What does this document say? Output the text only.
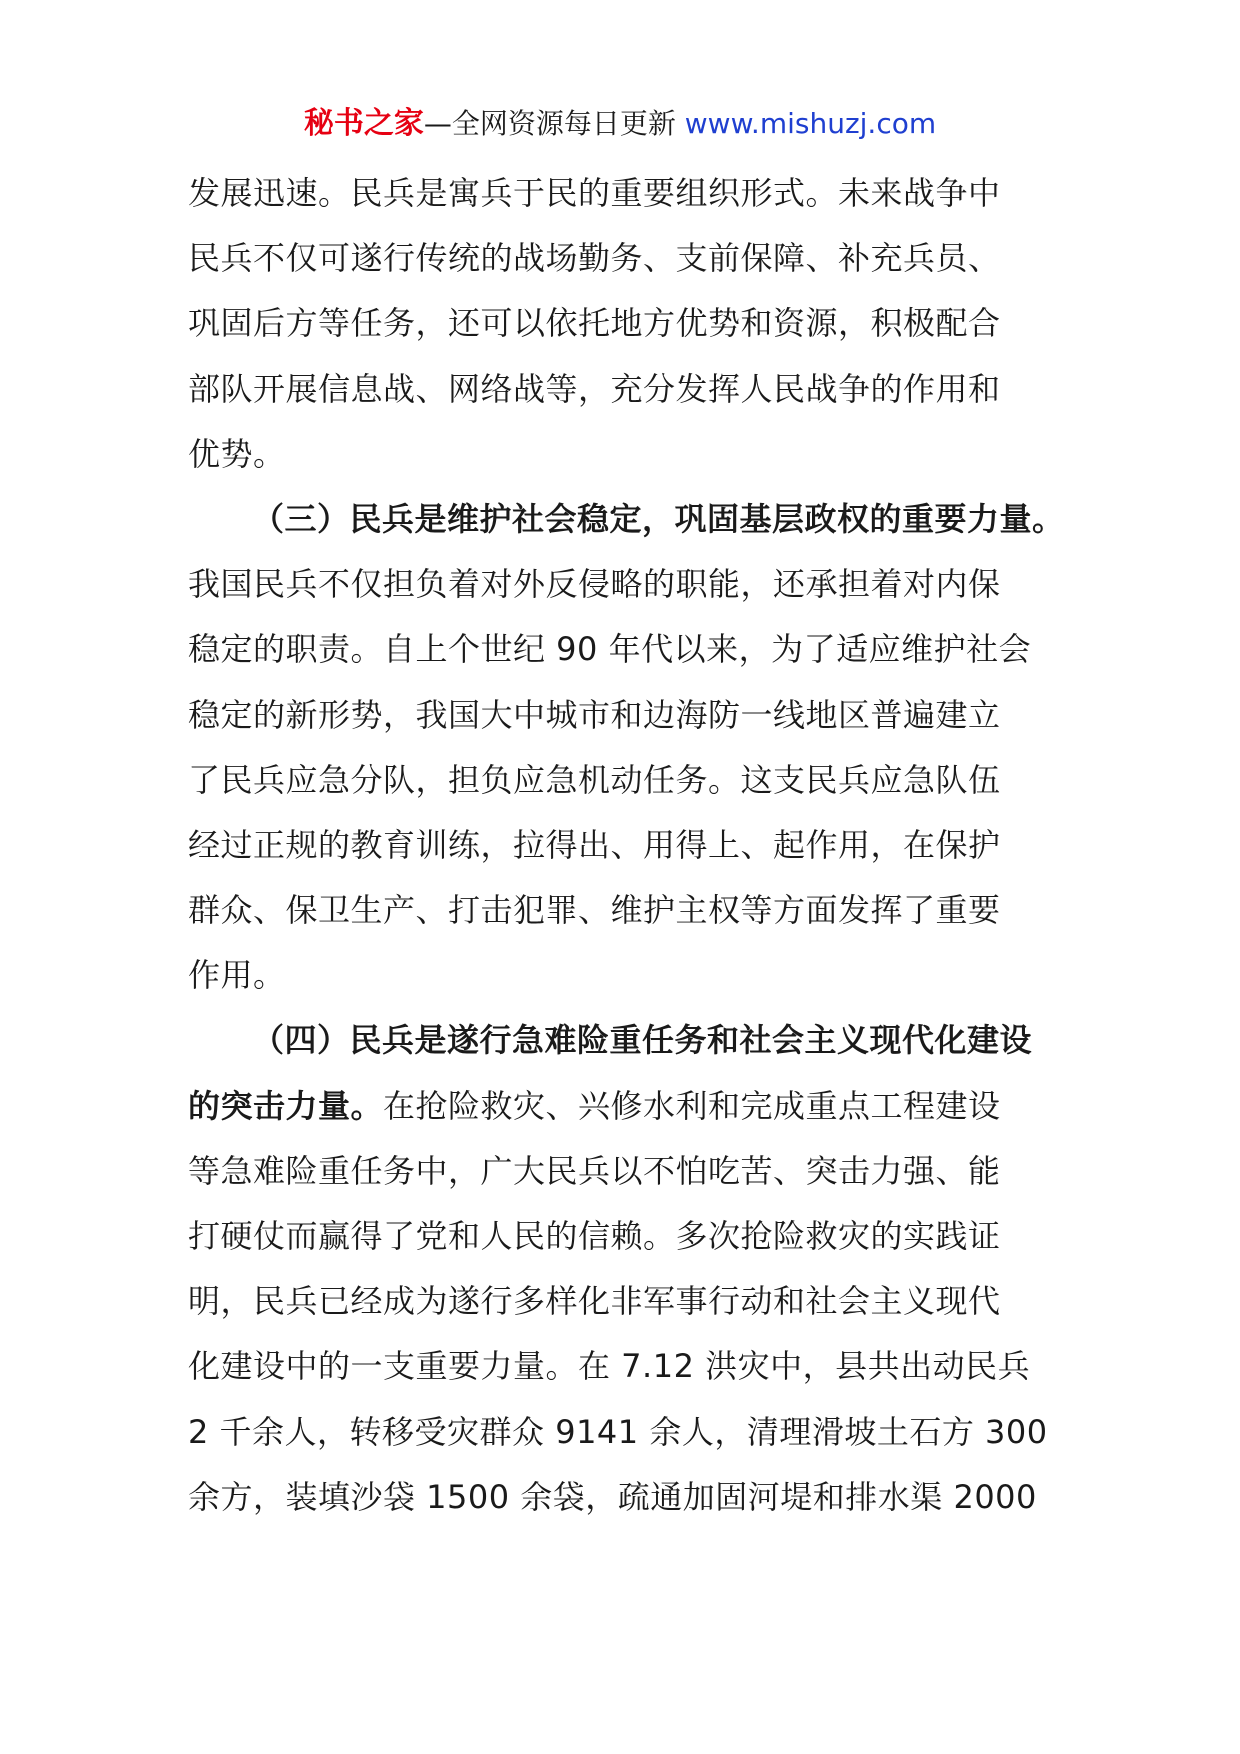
秘书之家—全网资源每日更新 www.mishuzj.com
发展迅速。民兵是寓兵于民的重要组织形式。未来战争中
民兵不仅可遂行传统的战场勤务、支前保障、补充兵员、
巩固后方等任务，还可以依托地方优势和资源，积极配合
部队开展信息战、网络战等，充分发挥人民战争的作用和
优势。
（三）民兵是维护社会稳定，巩固基层政权的重要力量。
我国民兵不仅担负着对外反侵略的职能，还承担着对内保
稳定的职责。自上个世纪 90 年代以来，为了适应维护社会
稳定的新形势，我国大中城市和边海防一线地区普遍建立
了民兵应急分队，担负应急机动任务。这支民兵应急队伍
经过正规的教育训练，拉得出、用得上、起作用，在保护
群众、保卫生产、打击犯罪、维护主权等方面发挥了重要
作用。
（四）民兵是遂行急难险重任务和社会主义现代化建设
的突击力量。在抢险救灾、兴修水利和完成重点工程建设
等急难险重任务中，广大民兵以不怕吃苦、突击力强、能
打硬仗而赢得了党和人民的信赖。多次抢险救灾的实践证
明，民兵已经成为遂行多样化非军事行动和社会主义现代
化建设中的一支重要力量。在 7.12 洪灾中，县共出动民兵
2 千余人，转移受灾群众 9141 余人，清理滑坡土石方 300
余方，装填沙袋 1500 余袋，疏通加固河堤和排水渠 2000
